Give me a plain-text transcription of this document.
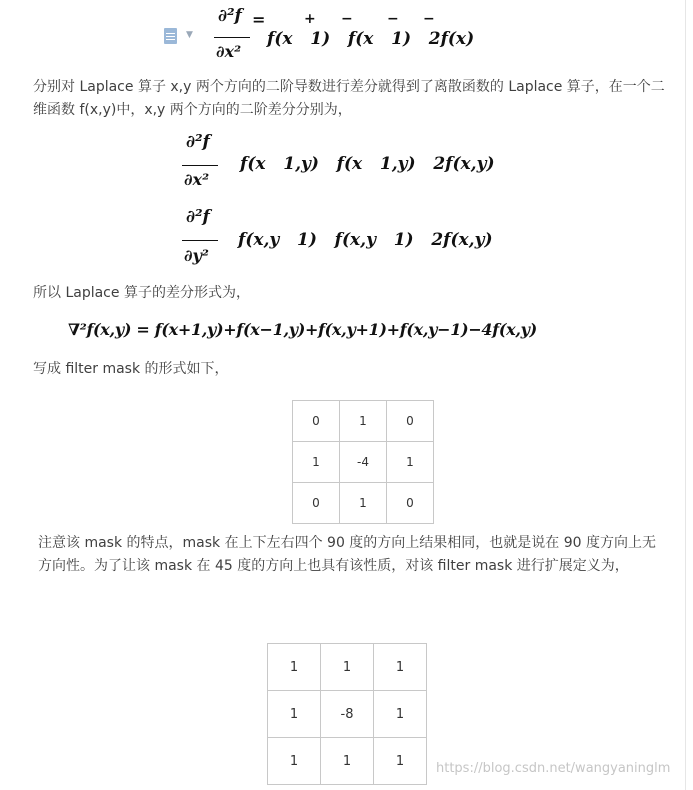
▼
∂²f =
∂x²
+ − − −
f(x   1)   f(x   1)   2f(x)

分别对 Laplace 算子 x,y 两个方向的二阶导数进行差分就得到了离散函数的 Laplace 算子，在一个二维函数 f(x,y)中，x,y 两个方向的二阶差分分别为，

∂²f
∂x²
f(x   1,y)   f(x   1,y)   2f(x,y)
∂²f
∂y²
f(x,y   1)   f(x,y   1)   2f(x,y)

所以 Laplace 算子的差分形式为，

∇²f(x,y) = f(x+1,y)+f(x−1,y)+f(x,y+1)+f(x,y−1)−4f(x,y)

写成 filter mask 的形式如下，

0	1	0
1	-4	1
0	1	0

注意该 mask 的特点，mask 在上下左右四个 90 度的方向上结果相同，也就是说在 90 度方向上无方向性。为了让该 mask 在 45 度的方向上也具有该性质，对该 filter mask 进行扩展定义为，

1	1	1
1	-8	1
1	1	1 https://blog.csdn.net/wangyaninglm
